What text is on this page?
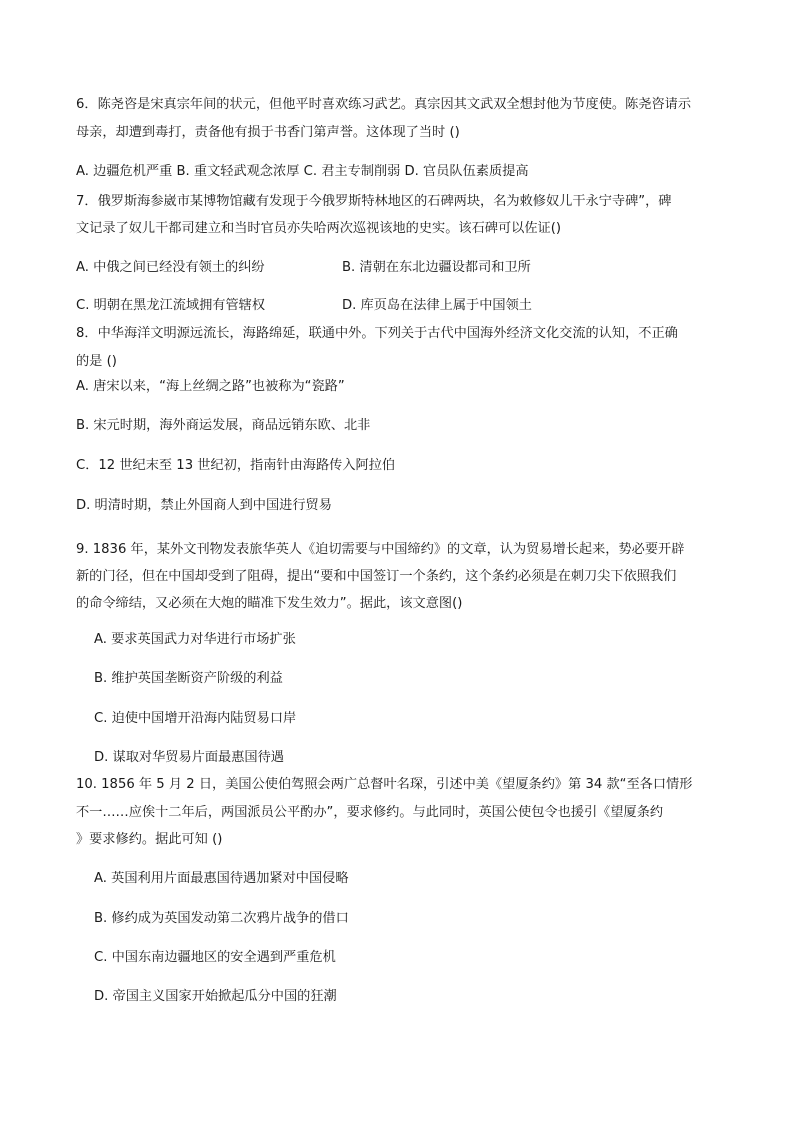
6．陈尧咨是宋真宗年间的状元，但他平时喜欢练习武艺。真宗因其文武双全想封他为节度使。陈尧咨请示
母亲，却遭到毒打，责备他有损于书香门第声誉。这体现了当时 ()
A. 边疆危机严重 B. 重文轻武观念浓厚 C. 君主专制削弱 D. 官员队伍素质提高
7．俄罗斯海参崴市某博物馆藏有发现于今俄罗斯特林地区的石碑两块，名为敕修奴儿干永宁寺碑”，碑
文记录了奴儿干都司建立和当时官员亦失哈两次巡视该地的史实。该石碑可以佐证()
A. 中俄之间已经没有领土的纠纷	B. 清朝在东北边疆设都司和卫所
C. 明朝在黑龙江流域拥有管辖权	D. 库页岛在法律上属于中国领土
8．中华海洋文明源远流长，海路绵延，联通中外。下列关于古代中国海外经济文化交流的认知，不正确
的是 ()
A. 唐宋以来，“海上丝绸之路”也被称为“瓷路”
B. 宋元时期，海外商运发展，商品远销东欧、北非
C．12 世纪末至 13 世纪初，指南针由海路传入阿拉伯
D. 明清时期，禁止外国商人到中国进行贸易
9. 1836 年，某外文刊物发表旅华英人《迫切需要与中国缔约》的文章，认为贸易增长起来，势必要开辟
新的门径，但在中国却受到了阻碍，提出“要和中国签订一个条约，这个条约必须是在刺刀尖下依照我们
的命令缔结，又必须在大炮的瞄准下发生效力”。据此，该文意图()
A. 要求英国武力对华进行市场扩张
B. 维护英国垄断资产阶级的利益
C. 迫使中国增开沿海内陆贸易口岸
D. 谋取对华贸易片面最惠国待遇
10. 1856 年 5 月 2 日，美国公使伯驾照会两广总督叶名琛，引述中美《望厦条约》第 34 款“至各口情形
不一……应俟十二年后，两国派员公平酌办”，要求修约。与此同时，英国公使包令也援引《望厦条约
》要求修约。据此可知 ()
A. 英国利用片面最惠国待遇加紧对中国侵略
B. 修约成为英国发动第二次鸦片战争的借口
C. 中国东南边疆地区的安全遇到严重危机
D. 帝国主义国家开始掀起瓜分中国的狂潮
